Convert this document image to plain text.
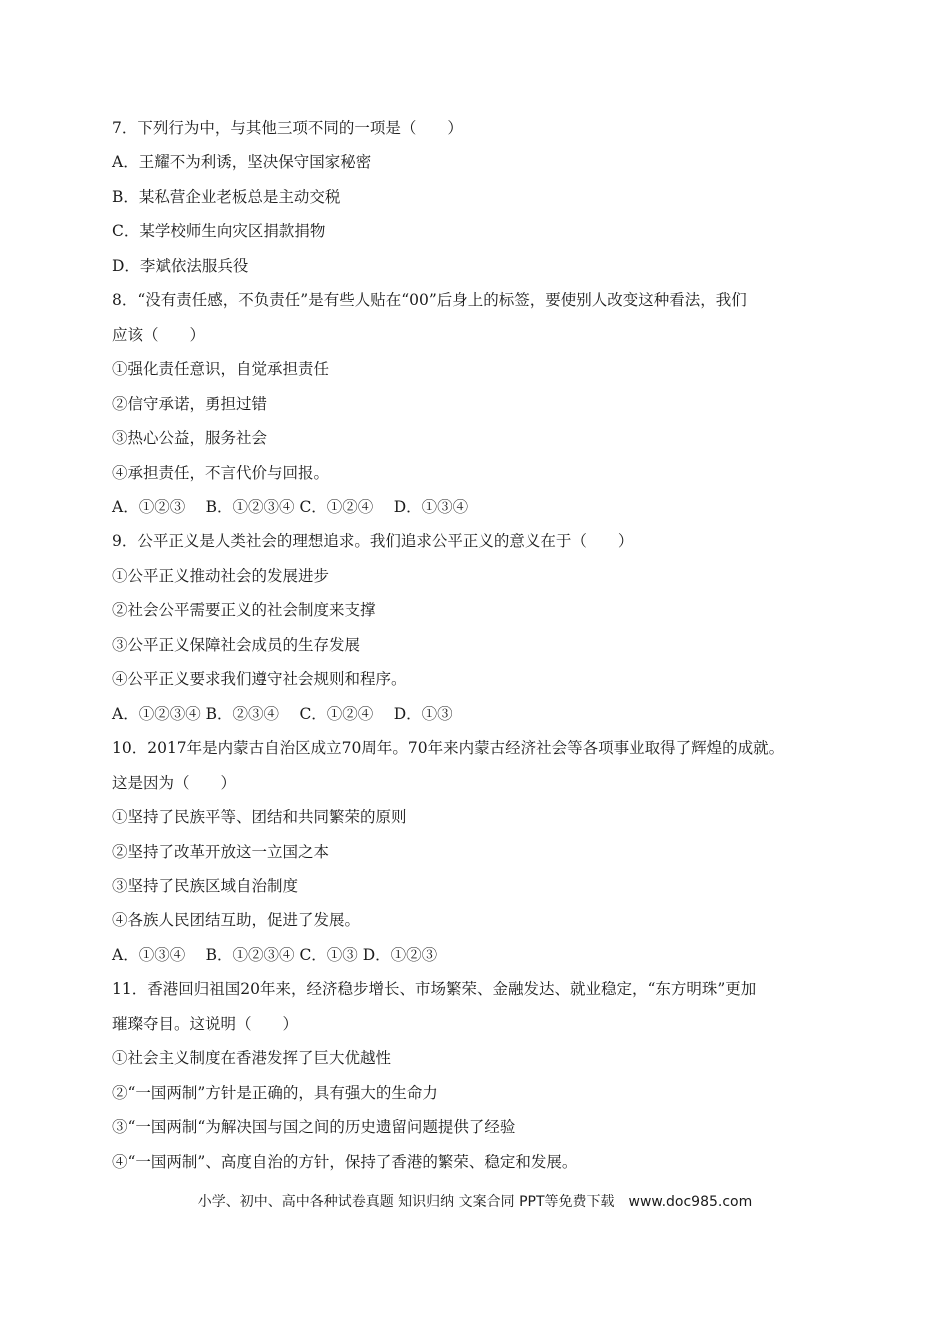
7．下列行为中，与其他三项不同的一项是（　　）
A．王耀不为利诱，坚决保守国家秘密
B．某私营企业老板总是主动交税
C．某学校师生向灾区捐款捐物
D．李斌依法服兵役
8．“没有责任感，不负责任”是有些人贴在“00”后身上的标签，要使别人改变这种看法，我们
应该（　　）
①强化责任意识，自觉承担责任
②信守承诺，勇担过错
③热心公益，服务社会
④承担责任，不言代价与回报。
A．①②③　 B．①②③④ C．①②④　 D．①③④
9．公平正义是人类社会的理想追求。我们追求公平正义的意义在于（　　）
①公平正义推动社会的发展进步
②社会公平需要正义的社会制度来支撑
③公平正义保障社会成员的生存发展
④公平正义要求我们遵守社会规则和程序。
A．①②③④ B．②③④　 C．①②④　 D．①③
10．2017年是内蒙古自治区成立70周年。70年来内蒙古经济社会等各项事业取得了辉煌的成就。
这是因为（　　）
①坚持了民族平等、团结和共同繁荣的原则
②坚持了改革开放这一立国之本
③坚持了民族区域自治制度
④各族人民团结互助，促进了发展。
A．①③④　 B．①②③④ C．①③ D．①②③
11．香港回归祖国20年来，经济稳步增长、市场繁荣、金融发达、就业稳定，“东方明珠”更加
璀璨夺目。这说明（　　）
①社会主义制度在香港发挥了巨大优越性
②“一国两制”方针是正确的，具有强大的生命力
③“一国两制“为解决国与国之间的历史遗留问题提供了经验
④“一国两制”、高度自治的方针，保持了香港的繁荣、稳定和发展。
小学、初中、高中各种试卷真题 知识归纳 文案合同 PPT等免费下载　www.doc985.com
